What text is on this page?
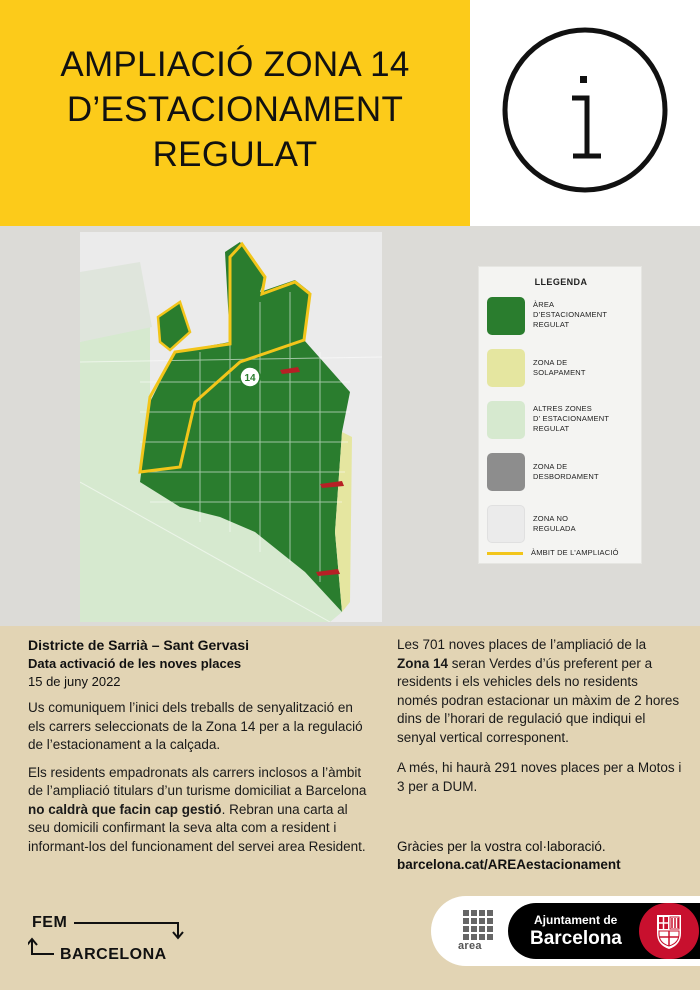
AMPLIACIÓ ZONA 14
D’ESTACIONAMENT
REGULAT
14
LLEGENDA
ÀREA
D’ESTACIONAMENT
REGULAT
ZONA DE
SOLAPAMENT
ALTRES ZONES
D’ ESTACIONAMENT
REGULAT
ZONA DE
DESBORDAMENT
ZONA NO
REGULADA
ÀMBIT DE L’AMPLIACIÓ
Districte de Sarrià – Sant Gervasi
Data activació de les noves places
15 de juny 2022

Us comuniquem l’inici dels treballs de senyalització en els carrers seleccionats de la Zona 14 per a la regulació de l’estacionament a la calçada.

Els residents empadronats als carrers inclosos a l’àmbit de l’ampliació titulars d’un turisme domiciliat a Barcelona no caldrà que facin cap gestió. Rebran una carta al seu domicili confirmant la seva alta com a resident i informant-los del funcionament del servei area Resident.

Les 701 noves places de l’ampliació de la Zona 14 seran Verdes d’ús preferent per a residents i els vehicles dels no residents només podran estacionar un màxim de 2 hores dins de l’horari de regulació que indiqui el senyal vertical corresponent.

A més, hi haurà 291 noves places per a Motos i 3 per a DUM.

Gràcies per la vostra col·laboració.
barcelona.cat/AREAestacionament
FEM
BARCELONA	area
Ajuntament de
Barcelona
